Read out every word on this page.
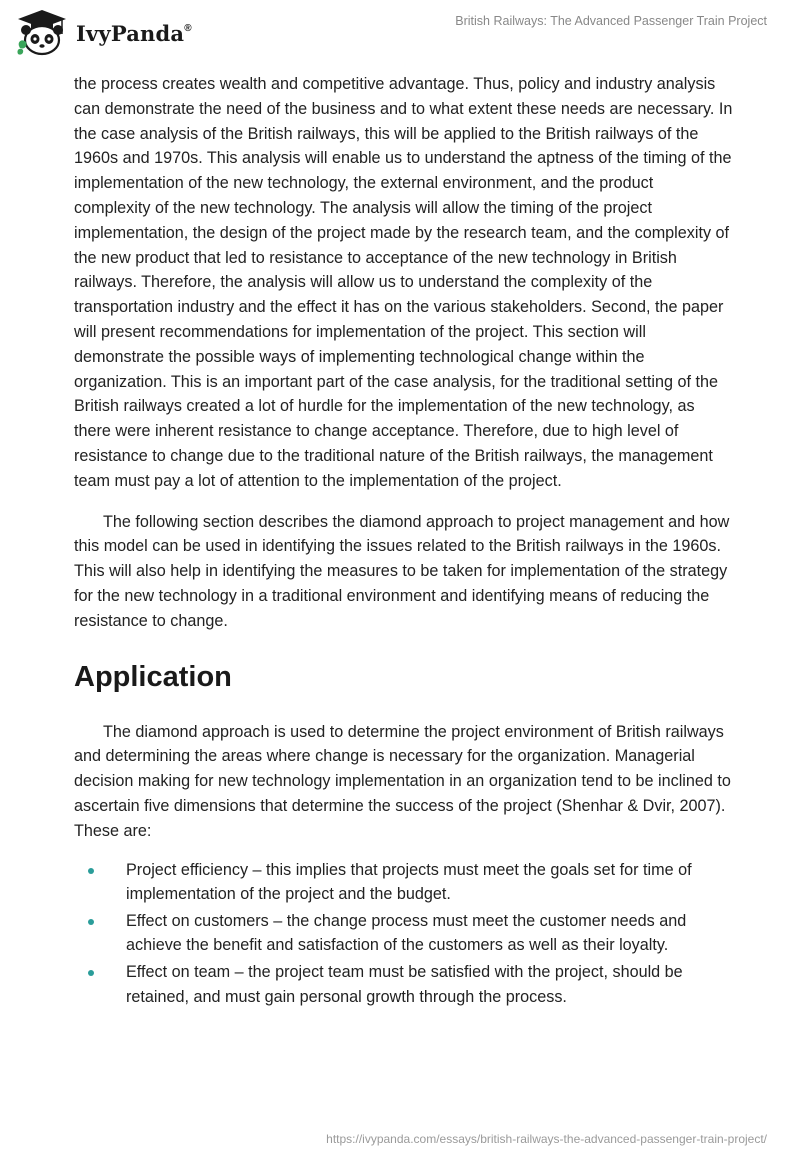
IvyPanda®	British Railways: The Advanced Passenger Train Project

the process creates wealth and competitive advantage. Thus, policy and industry analysis can demonstrate the need of the business and to what extent these needs are necessary. In the case analysis of the British railways, this will be applied to the British railways of the 1960s and 1970s. This analysis will enable us to understand the aptness of the timing of the implementation of the new technology, the external environment, and the product complexity of the new technology. The analysis will allow the timing of the project implementation, the design of the project made by the research team, and the complexity of the new product that led to resistance to acceptance of the new technology in British railways. Therefore, the analysis will allow us to understand the complexity of the transportation industry and the effect it has on the various stakeholders. Second, the paper will present recommendations for implementation of the project. This section will demonstrate the possible ways of implementing technological change within the organization. This is an important part of the case analysis, for the traditional setting of the British railways created a lot of hurdle for the implementation of the new technology, as there were inherent resistance to change acceptance. Therefore, due to high level of resistance to change due to the traditional nature of the British railways, the management team must pay a lot of attention to the implementation of the project.

The following section describes the diamond approach to project management and how this model can be used in identifying the issues related to the British railways in the 1960s. This will also help in identifying the measures to be taken for implementation of the strategy for the new technology in a traditional environment and identifying means of reducing the resistance to change.

Application

The diamond approach is used to determine the project environment of British railways and determining the areas where change is necessary for the organization. Managerial decision making for new technology implementation in an organization tend to be inclined to ascertain five dimensions that determine the success of the project (Shenhar & Dvir, 2007). These are:

Project efficiency – this implies that projects must meet the goals set for time of implementation of the project and the budget.
Effect on customers – the change process must meet the customer needs and achieve the benefit and satisfaction of the customers as well as their loyalty.
Effect on team – the project team must be satisfied with the project, should be retained, and must gain personal growth through the process.
https://ivypanda.com/essays/british-railways-the-advanced-passenger-train-project/
